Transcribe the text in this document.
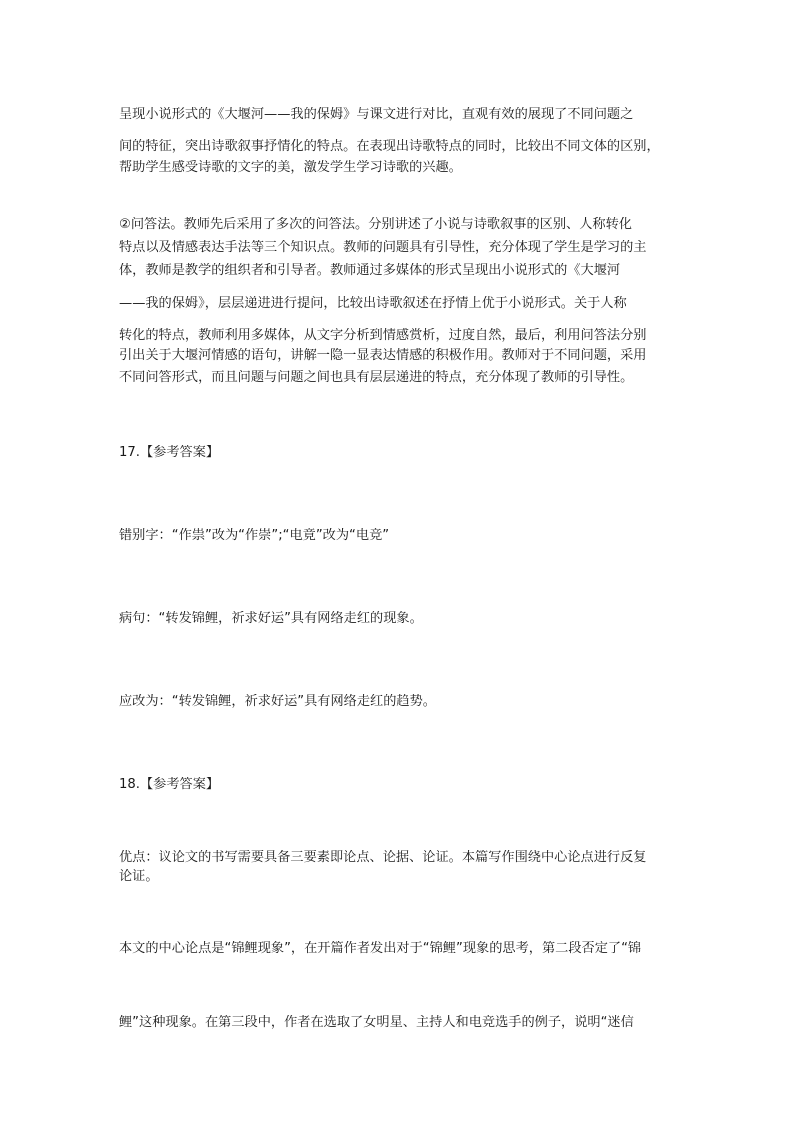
呈现小说形式的《大堰河——我的保姆》与课文进行对比，直观有效的展现了不同问题之
间的特征，突出诗歌叙事抒情化的特点。在表现出诗歌特点的同时，比较出不同文体的区别，
帮助学生感受诗歌的文字的美，激发学生学习诗歌的兴趣。
②问答法。教师先后采用了多次的问答法。分别讲述了小说与诗歌叙事的区别、人称转化
特点以及情感表达手法等三个知识点。教师的问题具有引导性，充分体现了学生是学习的主
体，教师是教学的组织者和引导者。教师通过多媒体的形式呈现出小说形式的《大堰河
——我的保姆》，层层递进进行提问，比较出诗歌叙述在抒情上优于小说形式。关于人称
转化的特点，教师利用多媒体，从文字分析到情感赏析，过度自然，最后，利用问答法分别
引出关于大堰河情感的语句，讲解一隐一显表达情感的积极作用。教师对于不同问题，采用
不同问答形式，而且问题与问题之间也具有层层递进的特点，充分体现了教师的引导性。
17.【参考答案】
错别字：“作祟”改为“作崇”;“电竟”改为“电竞”
病句：“转发锦鲤，祈求好运”具有网络走红的现象。
应改为：“转发锦鲤，祈求好运”具有网络走红的趋势。
18.【参考答案】
优点：议论文的书写需要具备三要素即论点、论据、论证。本篇写作围绕中心论点进行反复
论证。
本文的中心论点是“锦鲤现象”，在开篇作者发出对于“锦鲤”现象的思考，第二段否定了“锦
鲤”这种现象。在第三段中，作者在选取了女明星、主持人和电竞选手的例子，说明“迷信
